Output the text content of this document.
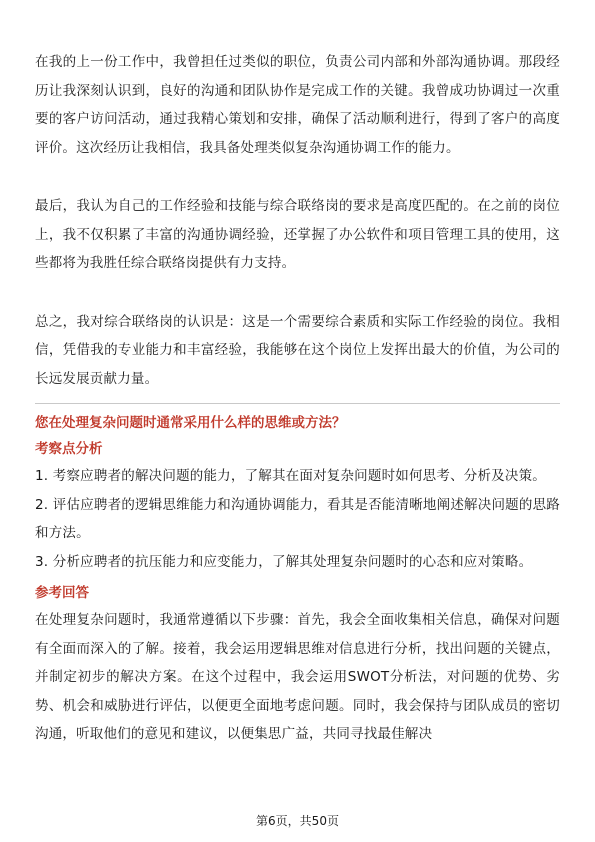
在我的上一份工作中，我曾担任过类似的职位，负责公司内部和外部沟通协调。那段经历让我深刻认识到，良好的沟通和团队协作是完成工作的关键。我曾成功协调过一次重要的客户访问活动，通过我精心策划和安排，确保了活动顺利进行，得到了客户的高度评价。这次经历让我相信，我具备处理类似复杂沟通协调工作的能力。

最后，我认为自己的工作经验和技能与综合联络岗的要求是高度匹配的。在之前的岗位上，我不仅积累了丰富的沟通协调经验，还掌握了办公软件和项目管理工具的使用，这些都将为我胜任综合联络岗提供有力支持。

总之，我对综合联络岗的认识是：这是一个需要综合素质和实际工作经验的岗位。我相信，凭借我的专业能力和丰富经验，我能够在这个岗位上发挥出最大的价值，为公司的长远发展贡献力量。

您在处理复杂问题时通常采用什么样的思维或方法？

考察点分析

1. 考察应聘者的解决问题的能力，了解其在面对复杂问题时如何思考、分析及决策。

2. 评估应聘者的逻辑思维能力和沟通协调能力，看其是否能清晰地阐述解决问题的思路和方法。

3. 分析应聘者的抗压能力和应变能力，了解其处理复杂问题时的心态和应对策略。

参考回答

在处理复杂问题时，我通常遵循以下步骤：首先，我会全面收集相关信息，确保对问题有全面而深入的了解。接着，我会运用逻辑思维对信息进行分析，找出问题的关键点，并制定初步的解决方案。在这个过程中，我会运用SWOT分析法，对问题的优势、劣势、机会和威胁进行评估，以便更全面地考虑问题。同时，我会保持与团队成员的密切沟通，听取他们的意见和建议，以便集思广益，共同寻找最佳解决

第6页，共50页
